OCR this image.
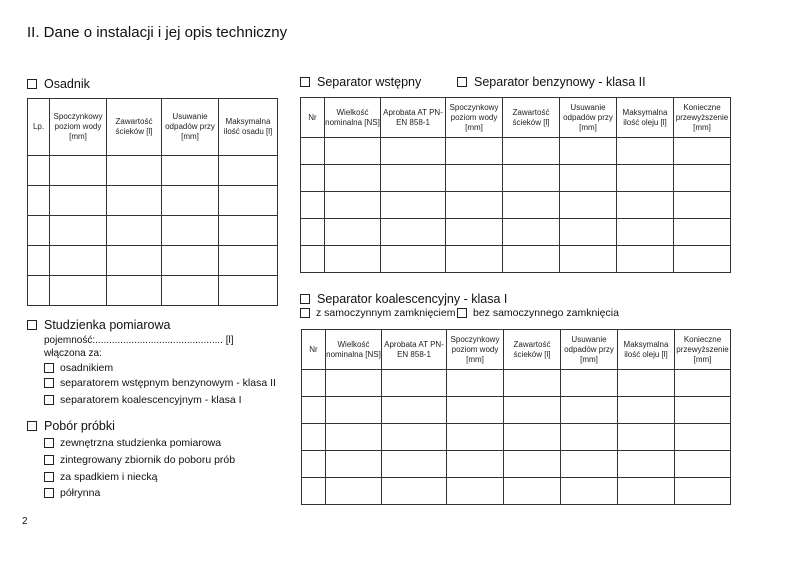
II. Dane o instalacji i jej opis techniczny
Osadnik
Lp.	Spoczynkowy poziom wody [mm]	Zawartość ścieków [l]	Usuwanie odpadów przy [mm]	Maksymalna ilość osadu [l]

Separator wstępny	Separator benzynowy - klasa II
Nr	Wielkość nominalna [NS]	Aprobata AT PN-EN 858-1	Spoczynkowy poziom wody [mm]	Zawartość ścieków [l]	Usuwanie odpadów przy [mm]	Maksymalna ilość oleju [l]	Konieczne przewyższenie [mm]

Separator koalescencyjny - klasa I
z samoczynnym zamknięciem bez samoczynnego zamknięcia
Nr	Wielkość nominalna [NS]	Aprobata AT PN-EN 858-1	Spoczynkowy poziom wody [mm]	Zawartość ścieków [l]	Usuwanie odpadów przy [mm]	Maksymalna ilość oleju [l]	Konieczne przewyższenie [mm]

Studzienka pomiarowa
pojemność:.............................................. [l]
włączona za:
osadnikiem
separatorem wstępnym benzynowym - klasa II
separatorem koalescencyjnym - klasa I
Pobór próbki
zewnętrzna studzienka pomiarowa
zintegrowany zbiornik do poboru prób
za spadkiem i niecką
półrynna
2
